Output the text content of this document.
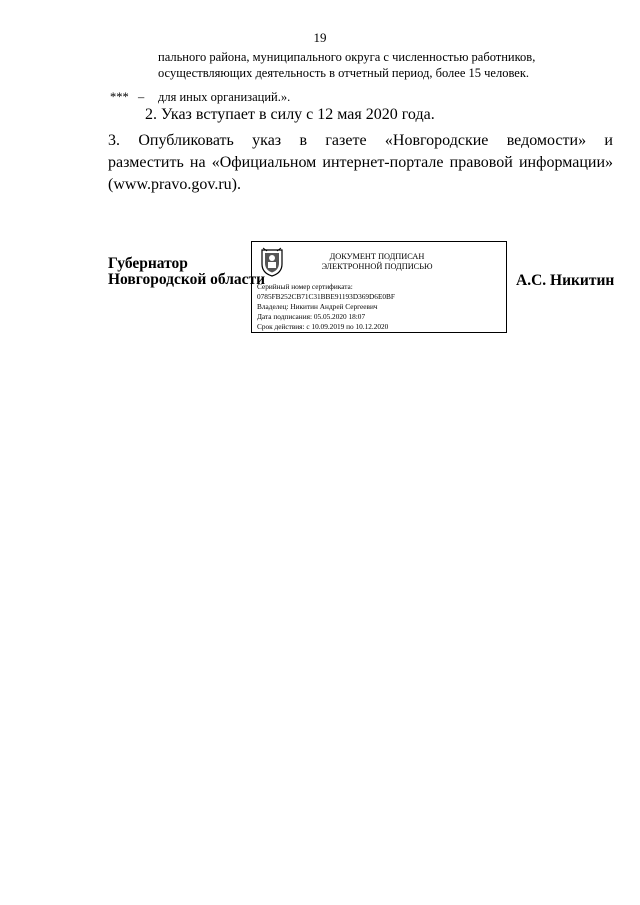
19
пального района, муниципального округа с численностью работников,
осуществляющих деятельность в отчетный период, более 15 человек.
*** – для иных организаций.».
2. Указ вступает в силу с 12 мая 2020 года.
3. Опубликовать указ в газете «Новгородские ведомости» и
разместить на «Официальном интернет-портале правовой информации»
(www.pravo.gov.ru).
Губернатор
Новгородской области
ДОКУМЕНТ ПОДПИСАН
ЭЛЕКТРОННОЙ ПОДПИСЬЮ
Серийный номер сертификата:
0785FB252CB71C31BBE91193D369D6E0BF
Владелец: Никитин Андрей Сергеевич
Дата подписания: 05.05.2020 18:07
Срок действия: с 10.09.2019 по 10.12.2020
А.С. Никитин
